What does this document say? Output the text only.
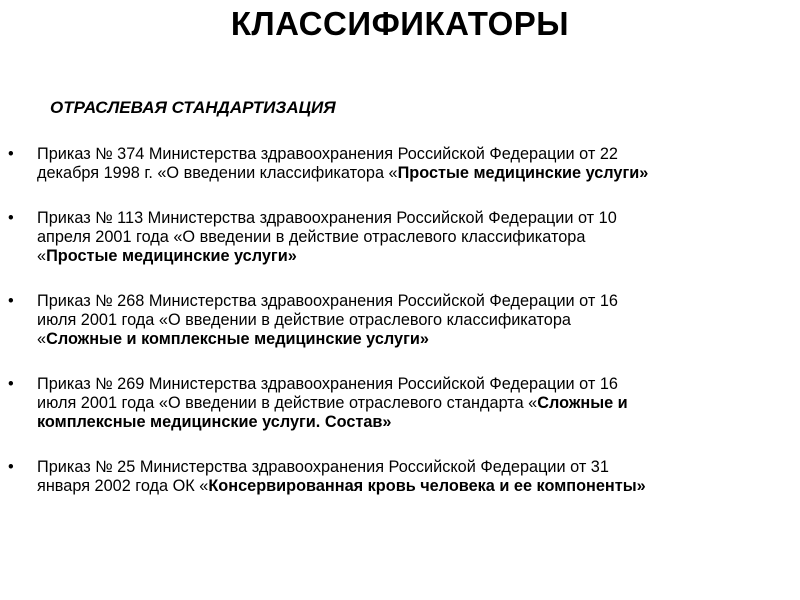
КЛАССИФИКАТОРЫ
ОТРАСЛЕВАЯ СТАНДАРТИЗАЦИЯ
• Приказ № 374 Министерства здравоохранения Российской Федерации от 22
декабря 1998 г. «О введении классификатора «Простые медицинские услуги»
• Приказ № 113 Министерства здравоохранения Российской Федерации от 10
апреля 2001 года «О введении в действие отраслевого классификатора
«Простые медицинские услуги»
• Приказ № 268 Министерства здравоохранения Российской Федерации от 16
июля 2001 года «О введении в действие отраслевого классификатора
«Сложные и комплексные медицинские услуги»
• Приказ № 269 Министерства здравоохранения Российской Федерации от 16
июля 2001 года «О введении в действие отраслевого стандарта «Сложные и
комплексные медицинские услуги. Состав»
• Приказ № 25 Министерства здравоохранения Российской Федерации от 31
января 2002 года ОК «Консервированная кровь человека и ее компоненты»
